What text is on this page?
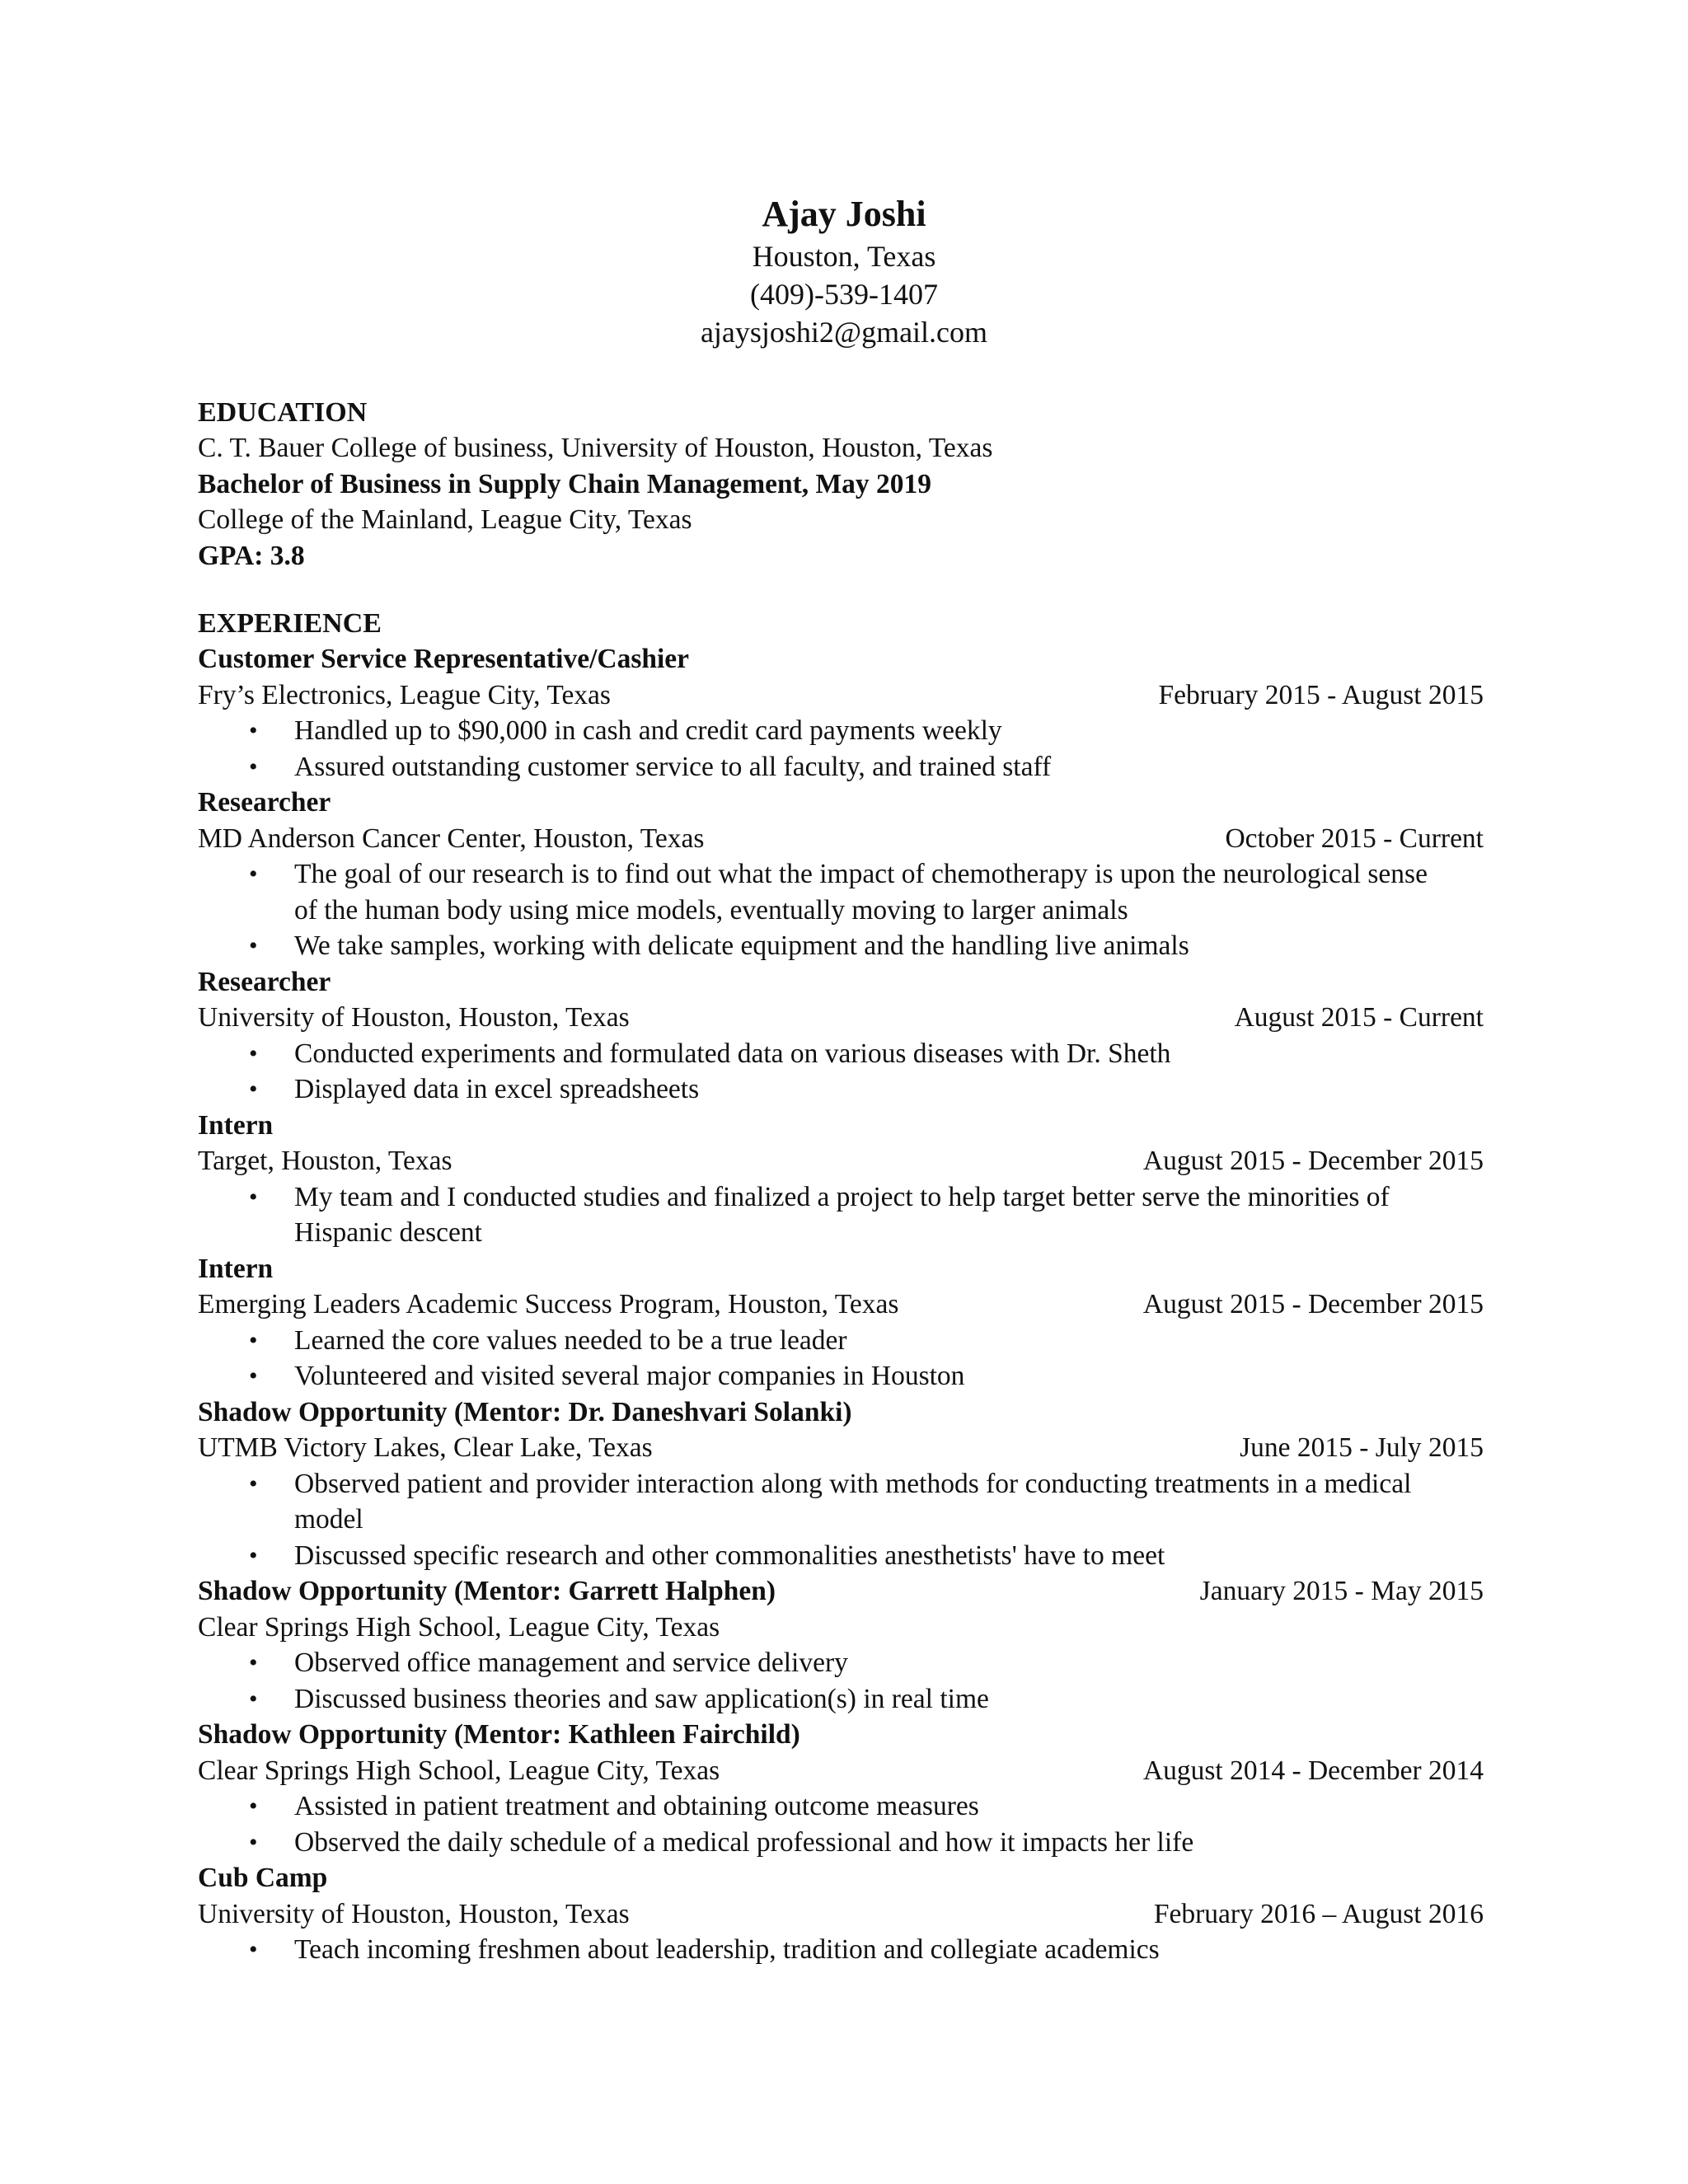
Ajay Joshi
Houston, Texas
(409)-539-1407
ajaysjoshi2@gmail.com
EDUCATION
C. T. Bauer College of business, University of Houston, Houston, Texas
Bachelor of Business in Supply Chain Management, May 2019
College of the Mainland, League City, Texas
GPA: 3.8
EXPERIENCE
Customer Service Representative/Cashier
Fry’s Electronics, League City, Texas	February 2015 - August 2015
• Handled up to $90,000 in cash and credit card payments weekly
• Assured outstanding customer service to all faculty, and trained staff
Researcher
MD Anderson Cancer Center, Houston, Texas	October 2015 - Current
• The goal of our research is to find out what the impact of chemotherapy is upon the neurological sense of the human body using mice models, eventually moving to larger animals
• We take samples, working with delicate equipment and the handling live animals
Researcher
University of Houston, Houston, Texas	August 2015 - Current
• Conducted experiments and formulated data on various diseases with Dr. Sheth
• Displayed data in excel spreadsheets
Intern
Target, Houston, Texas	August 2015 - December 2015
• My team and I conducted studies and finalized a project to help target better serve the minorities of Hispanic descent
Intern
Emerging Leaders Academic Success Program, Houston, Texas	August 2015 - December 2015
• Learned the core values needed to be a true leader
• Volunteered and visited several major companies in Houston
Shadow Opportunity (Mentor: Dr. Daneshvari Solanki)
UTMB Victory Lakes, Clear Lake, Texas	June 2015 - July 2015
• Observed patient and provider interaction along with methods for conducting treatments in a medical model
• Discussed specific research and other commonalities anesthetists' have to meet
Shadow Opportunity (Mentor: Garrett Halphen)	January 2015 - May 2015
Clear Springs High School, League City, Texas
• Observed office management and service delivery
• Discussed business theories and saw application(s) in real time
Shadow Opportunity (Mentor: Kathleen Fairchild)
Clear Springs High School, League City, Texas	August 2014 - December 2014
• Assisted in patient treatment and obtaining outcome measures
• Observed the daily schedule of a medical professional and how it impacts her life
Cub Camp
University of Houston, Houston, Texas	February 2016 – August 2016
• Teach incoming freshmen about leadership, tradition and collegiate academics
